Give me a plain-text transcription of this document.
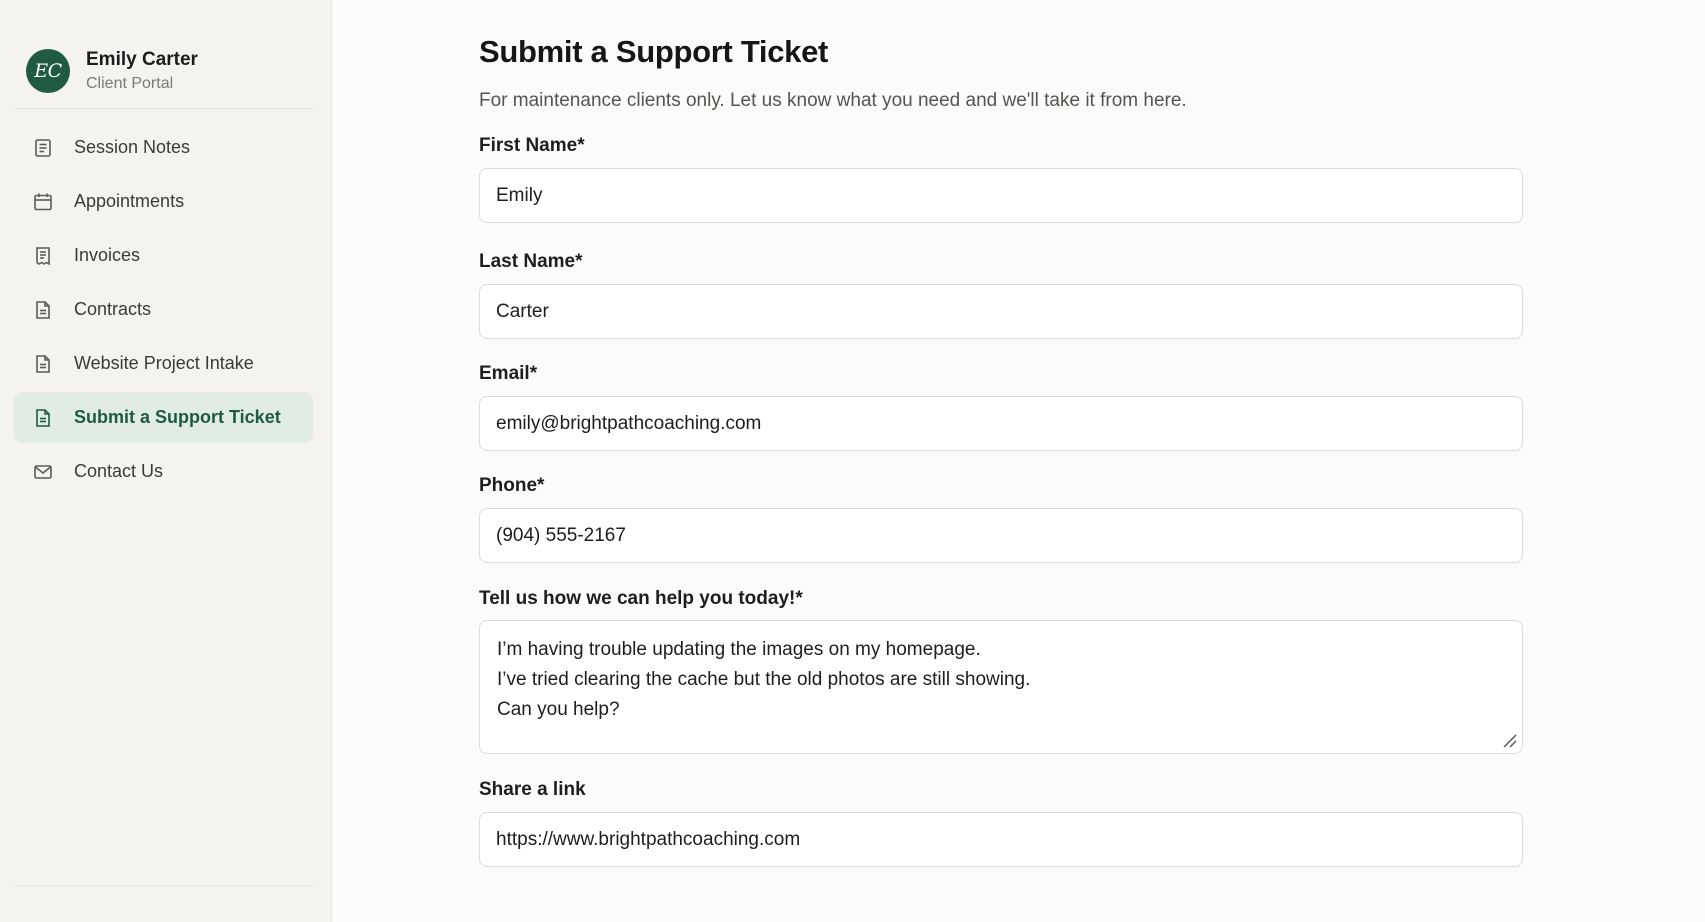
EC
Emily Carter
Client Portal
Session Notes
Appointments
Invoices
Contracts
Website Project Intake
Submit a Support Ticket
Contact Us
Submit a Support Ticket
For maintenance clients only. Let us know what you need and we'll take it from here.
First Name*
Emily
Last Name*
Carter
Email*
emily@brightpathcoaching.com
Phone*
(904) 555-2167
Tell us how we can help you today!*
I’m having trouble updating the images on my homepage.
I’ve tried clearing the cache but the old photos are still showing.
Can you help?
Share a link
https://www.brightpathcoaching.com
